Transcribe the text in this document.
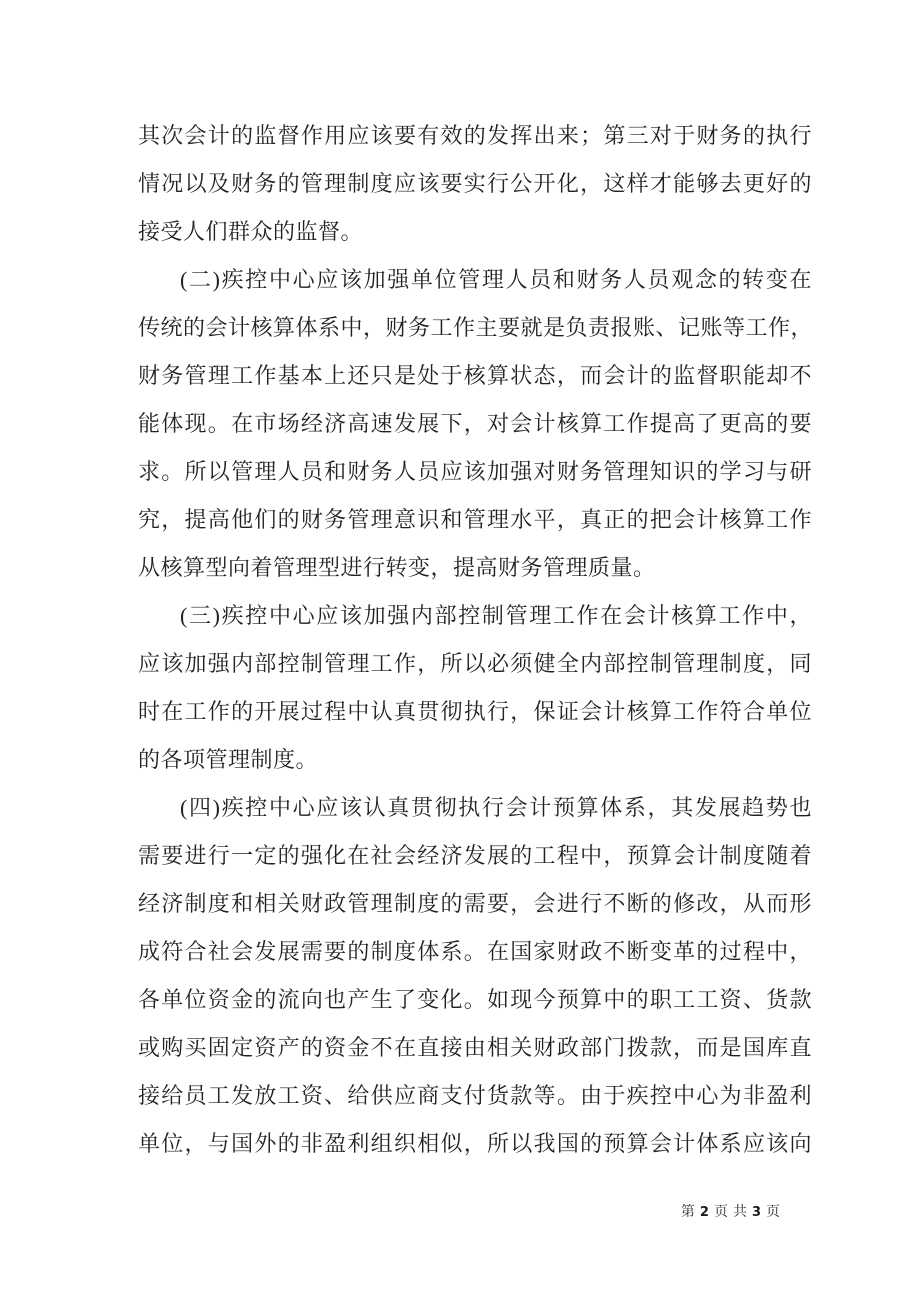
其次会计的监督作用应该要有效的发挥出来；第三对于财务的执行
情况以及财务的管理制度应该要实行公开化，这样才能够去更好的
接受人们群众的监督。
(二)疾控中心应该加强单位管理人员和财务人员观念的转变在
传统的会计核算体系中，财务工作主要就是负责报账、记账等工作，
财务管理工作基本上还只是处于核算状态，而会计的监督职能却不
能体现。在市场经济高速发展下，对会计核算工作提高了更高的要
求。所以管理人员和财务人员应该加强对财务管理知识的学习与研
究，提高他们的财务管理意识和管理水平，真正的把会计核算工作
从核算型向着管理型进行转变，提高财务管理质量。
(三)疾控中心应该加强内部控制管理工作在会计核算工作中，
应该加强内部控制管理工作，所以必须健全内部控制管理制度，同
时在工作的开展过程中认真贯彻执行，保证会计核算工作符合单位
的各项管理制度。
(四)疾控中心应该认真贯彻执行会计预算体系，其发展趋势也
需要进行一定的强化在社会经济发展的工程中，预算会计制度随着
经济制度和相关财政管理制度的需要，会进行不断的修改，从而形
成符合社会发展需要的制度体系。在国家财政不断变革的过程中，
各单位资金的流向也产生了变化。如现今预算中的职工工资、货款
或购买固定资产的资金不在直接由相关财政部门拨款，而是国库直
接给员工发放工资、给供应商支付货款等。由于疾控中心为非盈利
单位，与国外的非盈利组织相似，所以我国的预算会计体系应该向
第 2 页 共 3 页
